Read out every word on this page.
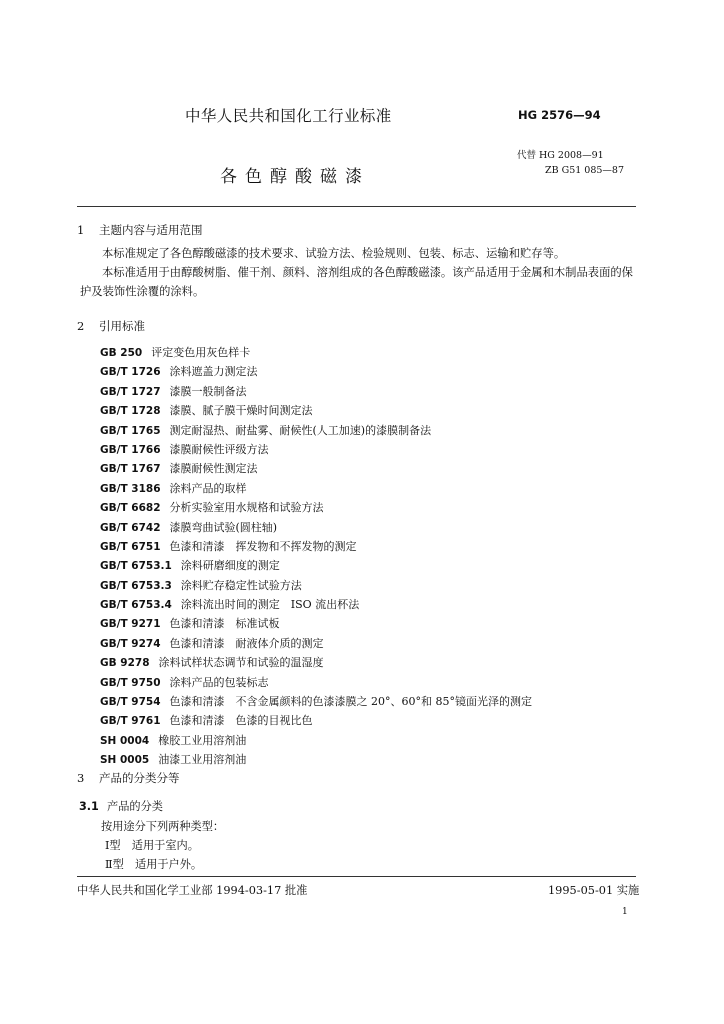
中华人民共和国化工行业标准	HG 2576—94
代替 HG 2008—91
各色醇酸磁漆	ZB G51 085—87
1 主题内容与适用范围

本标准规定了各色醇酸磁漆的技术要求、试验方法、检验规则、包装、标志、运输和贮存等。

本标准适用于由醇酸树脂、催干剂、颜料、溶剂组成的各色醇酸磁漆。该产品适用于金属和木制品表面的保护及装饰性涂覆的涂料。

2 引用标准
GB 250 评定变色用灰色样卡
GB/T 1726 涂料遮盖力测定法
GB/T 1727 漆膜一般制备法
GB/T 1728 漆膜、腻子膜干燥时间测定法
GB/T 1765 测定耐湿热、耐盐雾、耐候性(人工加速)的漆膜制备法
GB/T 1766 漆膜耐候性评级方法
GB/T 1767 漆膜耐候性测定法
GB/T 3186 涂料产品的取样
GB/T 6682 分析实验室用水规格和试验方法
GB/T 6742 漆膜弯曲试验(圆柱轴)
GB/T 6751 色漆和清漆　挥发物和不挥发物的测定
GB/T 6753.1 涂料研磨细度的测定
GB/T 6753.3 涂料贮存稳定性试验方法
GB/T 6753.4 涂料流出时间的测定　ISO 流出杯法
GB/T 9271 色漆和清漆　标准试板
GB/T 9274 色漆和清漆　耐液体介质的测定
GB 9278 涂料试样状态调节和试验的温湿度
GB/T 9750 涂料产品的包装标志
GB/T 9754 色漆和清漆　不含金属颜料的色漆漆膜之 20°、60°和 85°镜面光泽的测定
GB/T 9761 色漆和清漆　色漆的目视比色
SH 0004 橡胶工业用溶剂油
SH 0005 油漆工业用溶剂油
3 产品的分类分等
3.1 产品的分类
按用途分下列两种类型：
Ⅰ型　适用于室内。
Ⅱ型　适用于户外。
中华人民共和国化学工业部 1994-03-17 批准	1995-05-01 实施
1
